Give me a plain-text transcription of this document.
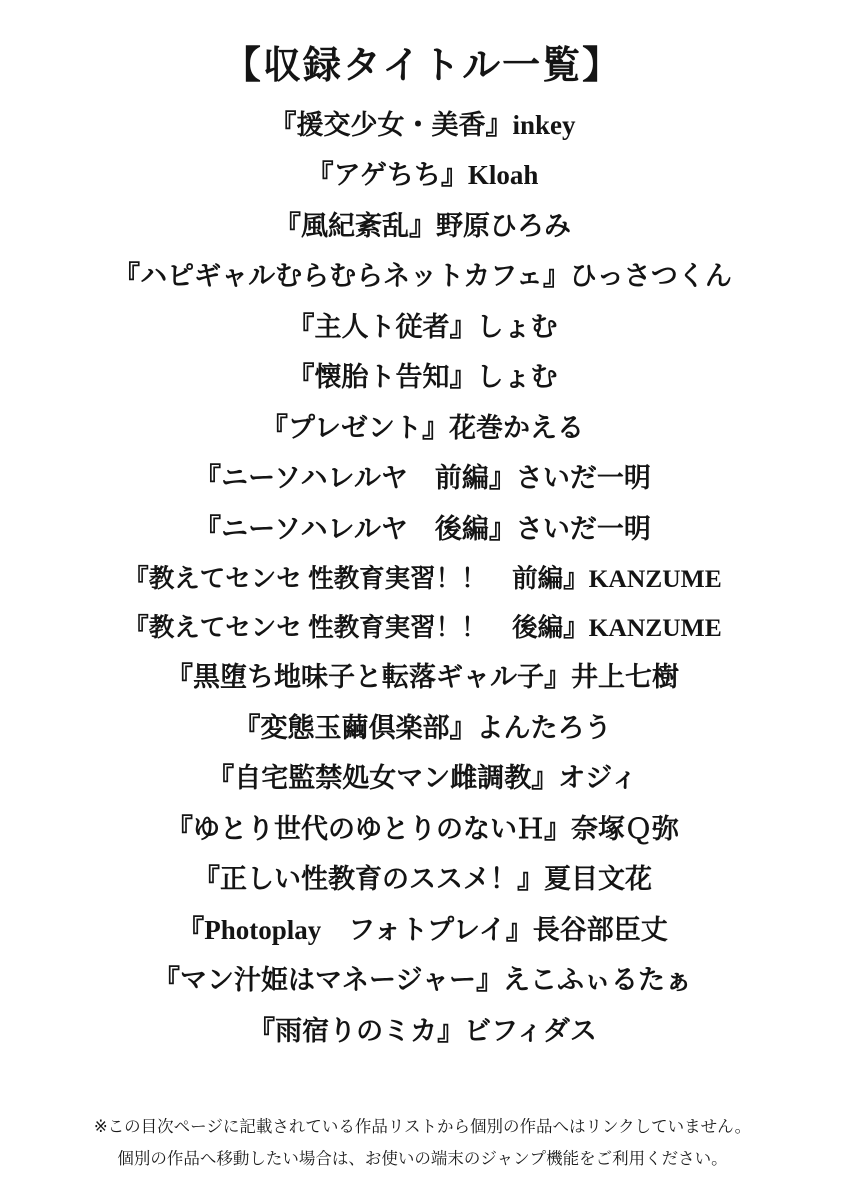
【収録タイトル一覧】
『援交少女・美香』inkey
『アゲちち』Kloah
『風紀紊乱』野原ひろみ
『ハピギャルむらむらネットカフェ』ひっさつくん
『主人ト従者』しょむ
『懐胎ト告知』しょむ
『プレゼント』花巻かえる
『ニーソハレルヤ　前編』さいだ一明
『ニーソハレルヤ　後編』さいだ一明
『教えてセンセ 性教育実習！！　前編』KANZUME
『教えてセンセ 性教育実習！！　後編』KANZUME
『黒堕ち地味子と転落ギャル子』井上七樹
『変態玉繭倶楽部』よんたろう
『自宅監禁処女マン雌調教』オジィ
『ゆとり世代のゆとりのないＨ』奈塚Ｑ弥
『正しい性教育のススメ！』夏目文花
『Photoplay　フォトプレイ』長谷部臣丈
『マン汁姫はマネージャー』えこふぃるたぁ
『雨宿りのミカ』ビフィダス
※この目次ページに記載されている作品リストから個別の作品へはリンクしていません。
個別の作品へ移動したい場合は、お使いの端末のジャンプ機能をご利用ください。
